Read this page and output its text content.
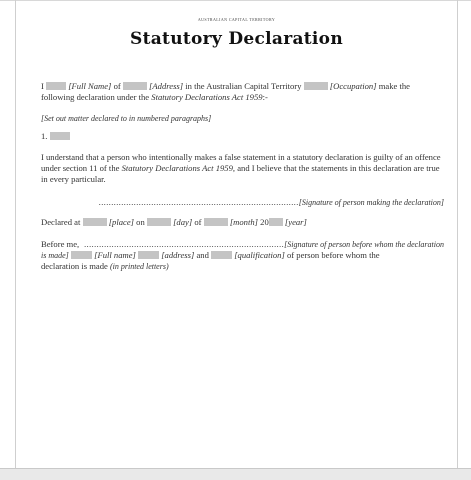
AUSTRALIAN CAPITAL TERRITORY
Statutory Declaration
I	[Full Name] of	[Address] in the Australian Capital Territory	[Occupation] make the
following declaration under the Statutory Declarations Act 1959:-
[Set out matter declared to in numbered paragraphs]
1.
I understand that a person who intentionally makes a false statement in a statutory declaration is guilty of an offence under section 11 of the Statutory Declarations Act 1959, and I believe that the statements in this declaration are true in every particular.
................................................................................[Signature of person making the declaration]
Declared at	[place] on	[day] of	[month] 20 [year]
Before me, ................................................................................[Signature of person before whom the declaration
is made]	[Full name]	[address] and	[qualification] of person before whom the
declaration is made (in printed letters)
